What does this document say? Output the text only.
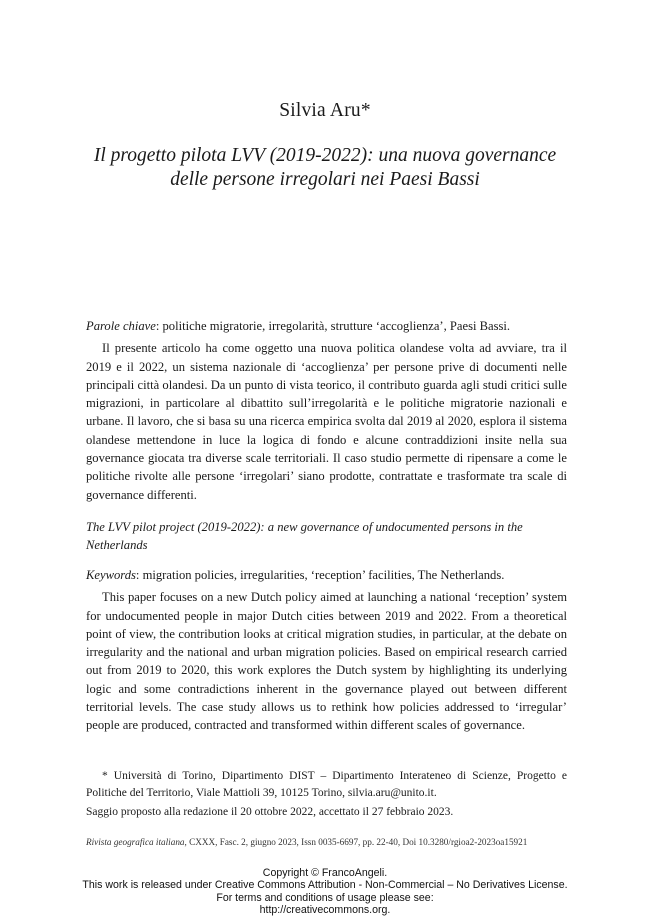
Silvia Aru*
Il progetto pilota LVV (2019-2022): una nuova governance
delle persone irregolari nei Paesi Bassi
Parole chiave: politiche migratorie, irregolarità, strutture ‘accoglienza’, Paesi Bassi.
Il presente articolo ha come oggetto una nuova politica olandese volta ad avviare, tra il 2019 e il 2022, un sistema nazionale di ‘accoglienza’ per persone prive di documenti nelle principali città olandesi. Da un punto di vista teorico, il contributo guarda agli studi critici sulle migrazioni, in particolare al dibattito sull’irregolarità e le politiche migratorie nazionali e urbane. Il lavoro, che si basa su una ricerca empirica svolta dal 2019 al 2020, esplora il sistema olandese mettendone in luce la logica di fondo e alcune contraddizioni insite nella sua governance giocata tra diverse scale territoriali. Il caso studio permette di ripensare a come le politiche rivolte alle persone ‘irregolari’ siano prodotte, contrattate e trasformate tra scale di governance differenti.
The LVV pilot project (2019-2022): a new governance of undocumented persons in the Netherlands
Keywords: migration policies, irregularities, ‘reception’ facilities, The Netherlands.
This paper focuses on a new Dutch policy aimed at launching a national ‘reception’ system for undocumented people in major Dutch cities between 2019 and 2022. From a theoretical point of view, the contribution looks at critical migration studies, in particular, at the debate on irregularity and the national and urban migration policies. Based on empirical research carried out from 2019 to 2020, this work explores the Dutch system by highlighting its underlying logic and some contradictions inherent in the governance played out between different territorial levels. The case study allows us to rethink how policies addressed to ‘irregular’ people are produced, contracted and transformed within different scales of governance.
* Università di Torino, Dipartimento DIST – Dipartimento Interateneo di Scienze, Progetto e Politiche del Territorio, Viale Mattioli 39, 10125 Torino, silvia.aru@unito.it.
Saggio proposto alla redazione il 20 ottobre 2022, accettato il 27 febbraio 2023.
Rivista geografica italiana, CXXX, Fasc. 2, giugno 2023, Issn 0035-6697, pp. 22-40, Doi 10.3280/rgioa2-2023oa15921
Copyright © FrancoAngeli.
This work is released under Creative Commons Attribution - Non-Commercial – No Derivatives License.
For terms and conditions of usage please see:
http://creativecommons.org.
